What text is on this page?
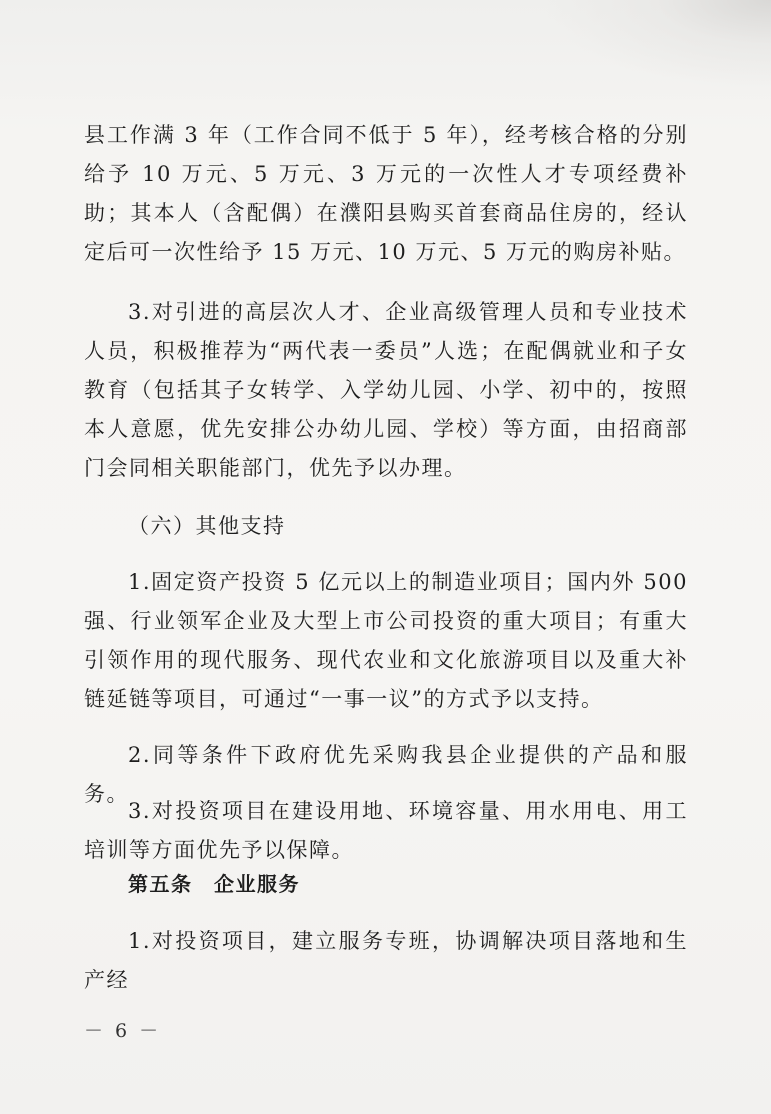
县工作满 3 年（工作合同不低于 5 年），经考核合格的分别给予 10 万元、5 万元、3 万元的一次性人才专项经费补助；其本人（含配偶）在濮阳县购买首套商品住房的，经认定后可一次性给予 15 万元、10 万元、5 万元的购房补贴。

3.对引进的高层次人才、企业高级管理人员和专业技术人员，积极推荐为“两代表一委员”人选；在配偶就业和子女教育（包括其子女转学、入学幼儿园、小学、初中的，按照本人意愿，优先安排公办幼儿园、学校）等方面，由招商部门会同相关职能部门，优先予以办理。

（六）其他支持

1.固定资产投资 5 亿元以上的制造业项目；国内外 500 强、行业领军企业及大型上市公司投资的重大项目；有重大引领作用的现代服务、现代农业和文化旅游项目以及重大补链延链等项目，可通过“一事一议”的方式予以支持。

2.同等条件下政府优先采购我县企业提供的产品和服务。

3.对投资项目在建设用地、环境容量、用水用电、用工培训等方面优先予以保障。

第五条　企业服务

1.对投资项目，建立服务专班，协调解决项目落地和生产经

－ 6 －
